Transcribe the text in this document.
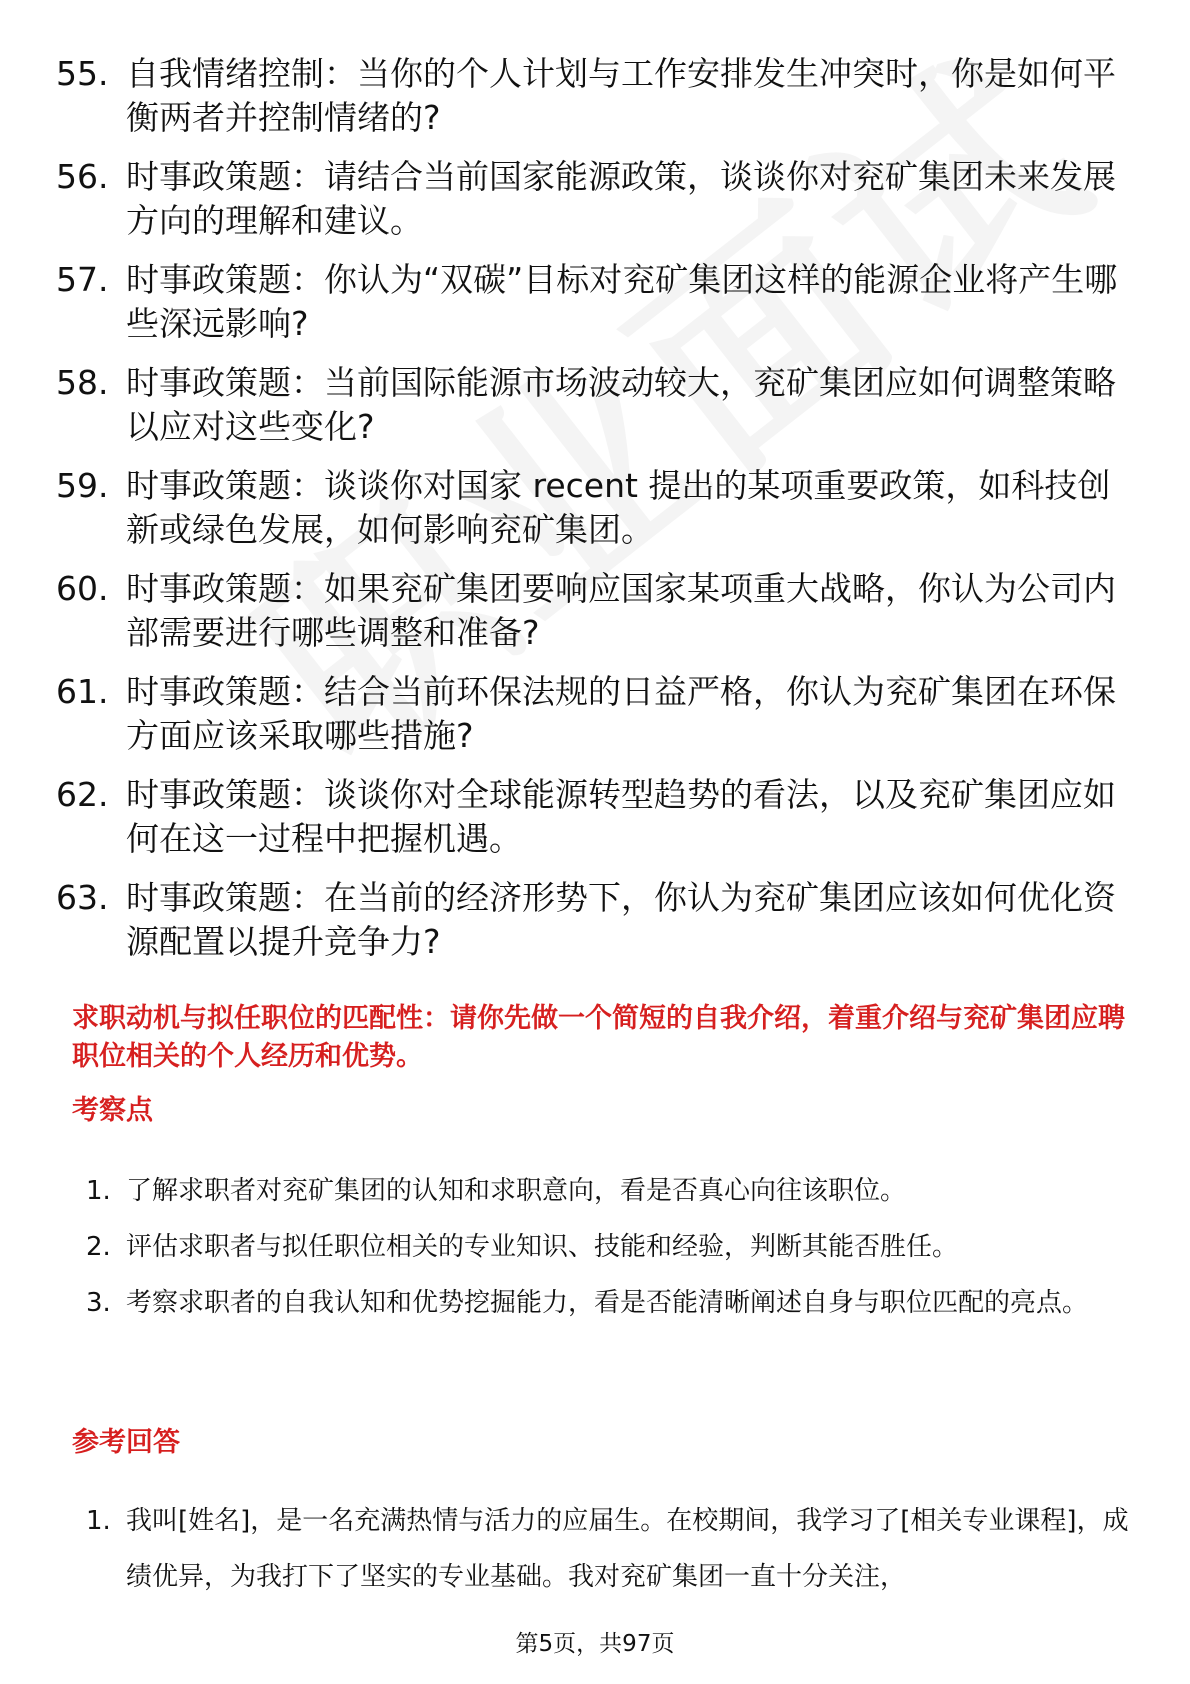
55. 自我情绪控制：当你的个人计划与工作安排发生冲突时，你是如何平衡两者并控制情绪的?
56. 时事政策题：请结合当前国家能源政策，谈谈你对兖矿集团未来发展方向的理解和建议。
57. 时事政策题：你认为“双碳”目标对兖矿集团这样的能源企业将产生哪些深远影响?
58. 时事政策题：当前国际能源市场波动较大，兖矿集团应如何调整策略以应对这些变化?
59. 时事政策题：谈谈你对国家 recent 提出的某项重要政策，如科技创新或绿色发展，如何影响兖矿集团。
60. 时事政策题：如果兖矿集团要响应国家某项重大战略，你认为公司内部需要进行哪些调整和准备?
61. 时事政策题：结合当前环保法规的日益严格，你认为兖矿集团在环保方面应该采取哪些措施?
62. 时事政策题：谈谈你对全球能源转型趋势的看法，以及兖矿集团应如何在这一过程中把握机遇。
63. 时事政策题：在当前的经济形势下，你认为兖矿集团应该如何优化资源配置以提升竞争力?
求职动机与拟任职位的匹配性：请你先做一个简短的自我介绍，着重介绍与兖矿集团应聘职位相关的个人经历和优势。
考察点
1. 了解求职者对兖矿集团的认知和求职意向，看是否真心向往该职位。
2. 评估求职者与拟任职位相关的专业知识、技能和经验，判断其能否胜任。
3. 考察求职者的自我认知和优势挖掘能力，看是否能清晰阐述自身与职位匹配的亮点。
参考回答
1. 我叫[姓名]，是一名充满热情与活力的应届生。在校期间，我学习了[相关专业课程]，成绩优异，为我打下了坚实的专业基础。我对兖矿集团一直十分关注，
第5页，共97页
